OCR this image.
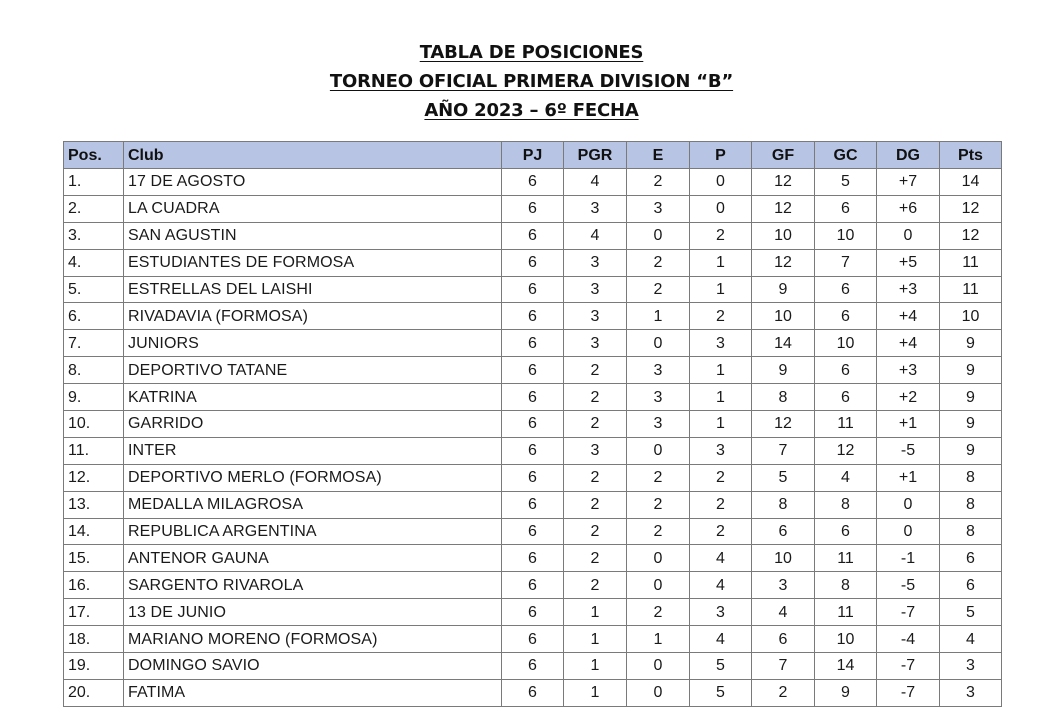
TABLA DE POSICIONES
TORNEO OFICIAL PRIMERA DIVISION “B”
AÑO 2023 – 6º FECHA
Pos.	Club	PJ	PGR	E	P	GF	GC	DG	Pts
1.	17 DE AGOSTO	6	4	2	0	12	5	+7	14
2.	LA CUADRA	6	3	3	0	12	6	+6	12
3.	SAN AGUSTIN	6	4	0	2	10	10	0	12
4.	ESTUDIANTES DE FORMOSA	6	3	2	1	12	7	+5	11
5.	ESTRELLAS DEL LAISHI	6	3	2	1	9	6	+3	11
6.	RIVADAVIA (FORMOSA)	6	3	1	2	10	6	+4	10
7.	JUNIORS	6	3	0	3	14	10	+4	9
8.	DEPORTIVO TATANE	6	2	3	1	9	6	+3	9
9.	KATRINA	6	2	3	1	8	6	+2	9
10.	GARRIDO	6	2	3	1	12	11	+1	9
11.	INTER	6	3	0	3	7	12	-5	9
12.	DEPORTIVO MERLO (FORMOSA)	6	2	2	2	5	4	+1	8
13.	MEDALLA MILAGROSA	6	2	2	2	8	8	0	8
14.	REPUBLICA ARGENTINA	6	2	2	2	6	6	0	8
15.	ANTENOR GAUNA	6	2	0	4	10	11	-1	6
16.	SARGENTO RIVAROLA	6	2	0	4	3	8	-5	6
17.	13 DE JUNIO	6	1	2	3	4	11	-7	5
18.	MARIANO MORENO (FORMOSA)	6	1	1	4	6	10	-4	4
19.	DOMINGO SAVIO	6	1	0	5	7	14	-7	3
20.	FATIMA	6	1	0	5	2	9	-7	3
